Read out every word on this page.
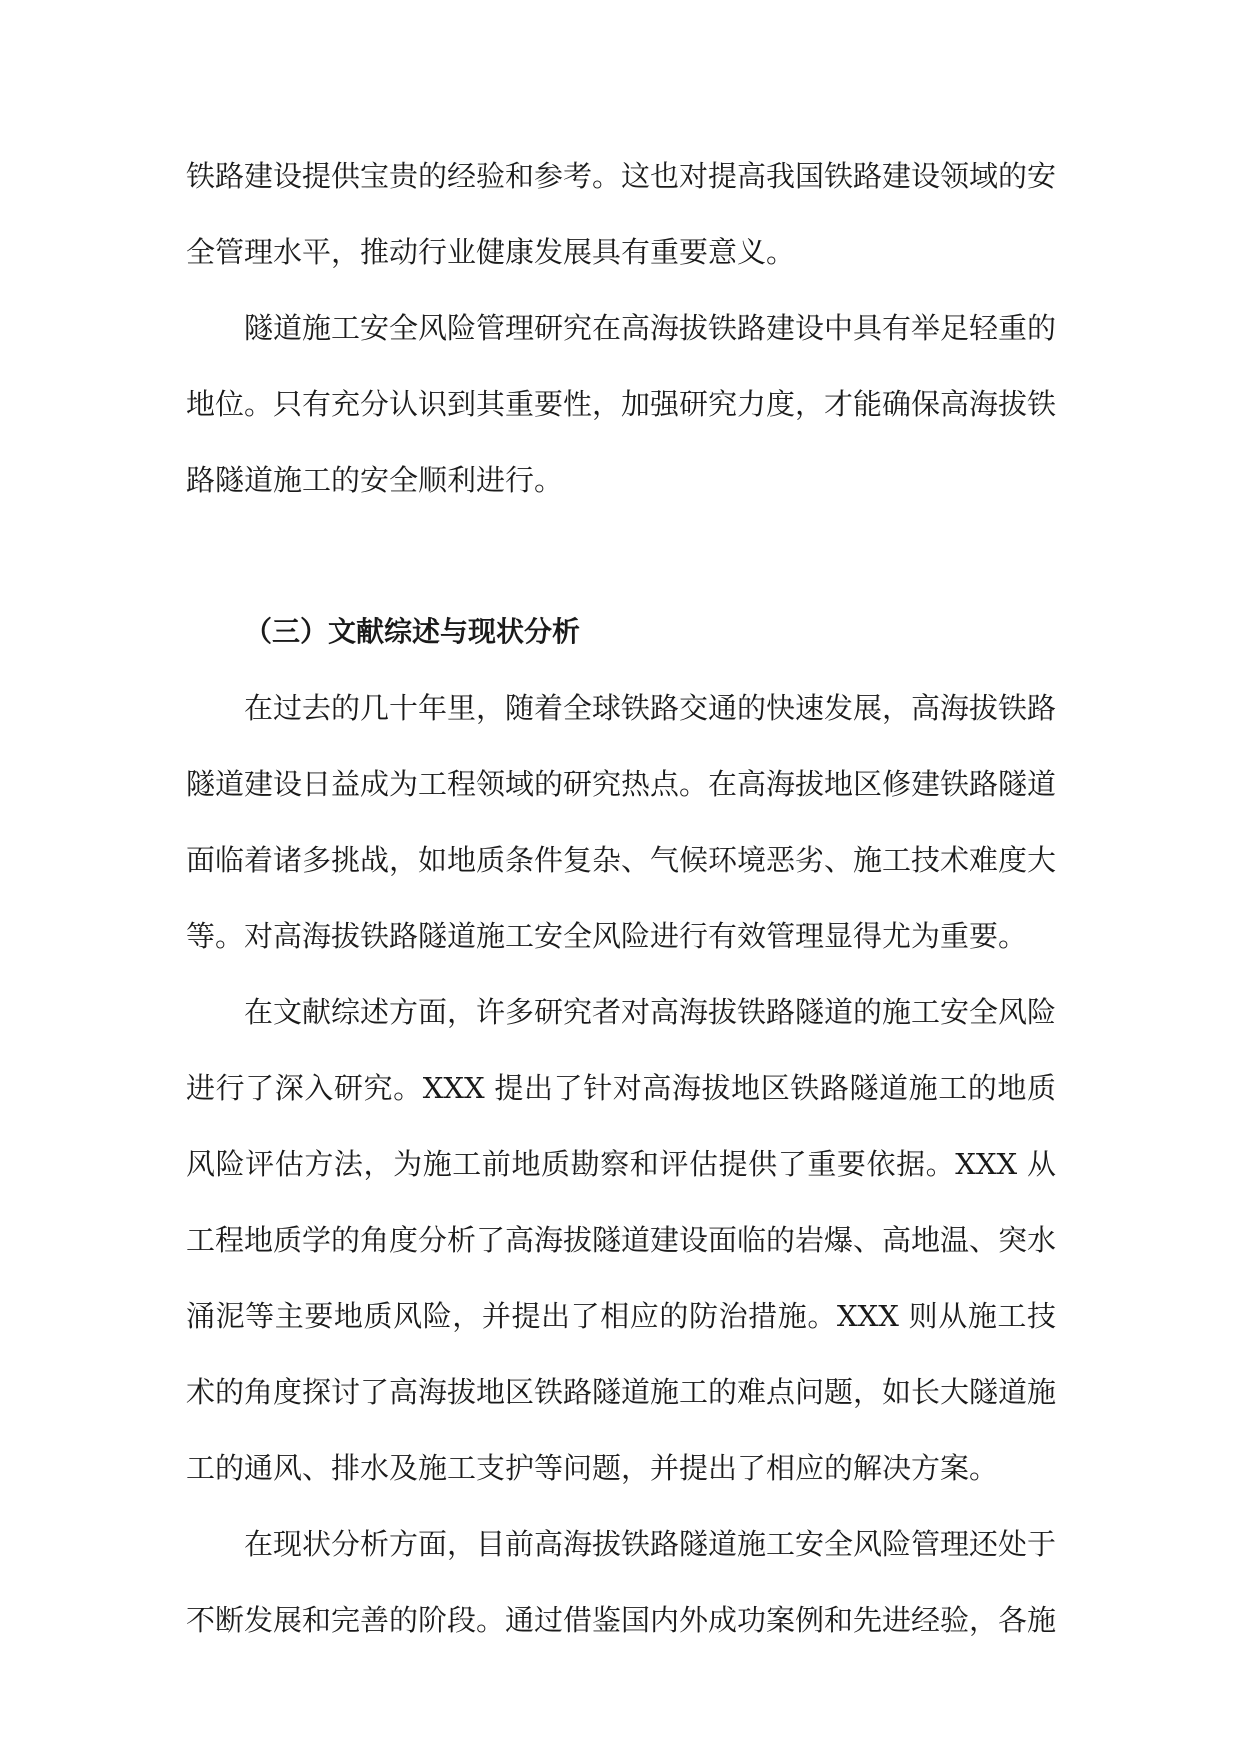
铁路建设提供宝贵的经验和参考。这也对提高我国铁路建设领域的安全管理水平，推动行业健康发展具有重要意义。

隧道施工安全风险管理研究在高海拔铁路建设中具有举足轻重的地位。只有充分认识到其重要性，加强研究力度，才能确保高海拔铁路隧道施工的安全顺利进行。

（三）文献综述与现状分析

在过去的几十年里，随着全球铁路交通的快速发展，高海拔铁路隧道建设日益成为工程领域的研究热点。在高海拔地区修建铁路隧道面临着诸多挑战，如地质条件复杂、气候环境恶劣、施工技术难度大等。对高海拔铁路隧道施工安全风险进行有效管理显得尤为重要。

在文献综述方面，许多研究者对高海拔铁路隧道的施工安全风险进行了深入研究。XXX 提出了针对高海拔地区铁路隧道施工的地质风险评估方法，为施工前地质勘察和评估提供了重要依据。XXX 从工程地质学的角度分析了高海拔隧道建设面临的岩爆、高地温、突水涌泥等主要地质风险，并提出了相应的防治措施。XXX 则从施工技术的角度探讨了高海拔地区铁路隧道施工的难点问题，如长大隧道施工的通风、排水及施工支护等问题，并提出了相应的解决方案。

在现状分析方面，目前高海拔铁路隧道施工安全风险管理还处于不断发展和完善的阶段。通过借鉴国内外成功案例和先进经验，各施
